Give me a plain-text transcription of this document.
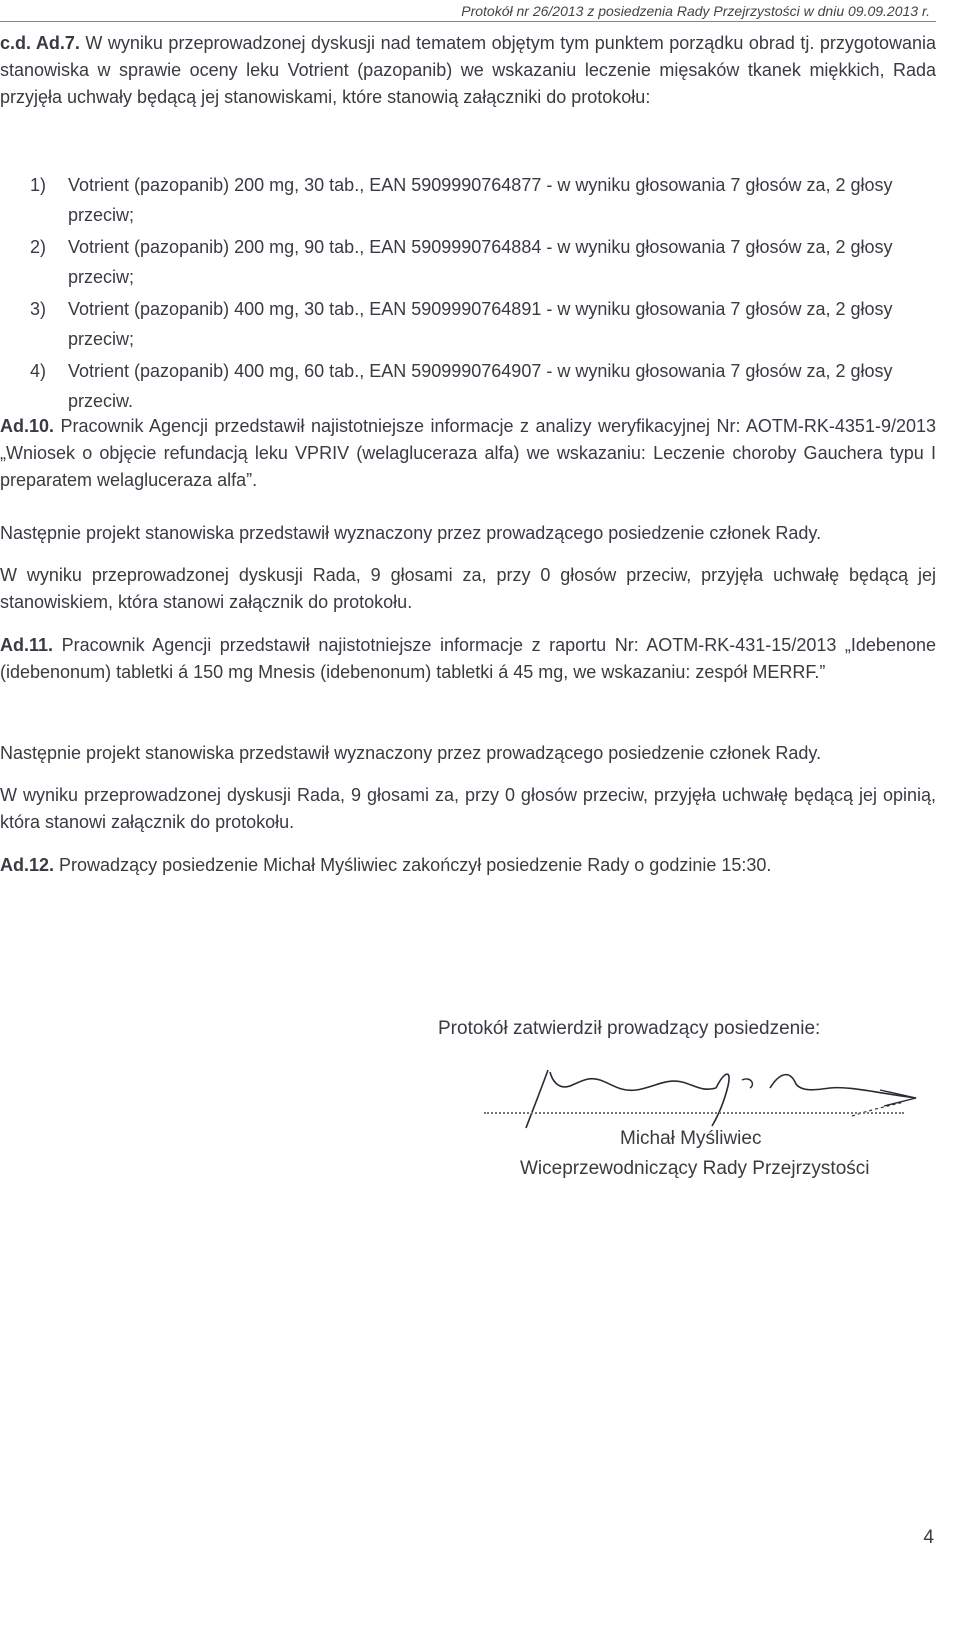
Protokół nr 26/2013 z posiedzenia Rady Przejrzystości w dniu 09.09.2013 r.

c.d. Ad.7. W wyniku przeprowadzonej dyskusji nad tematem objętym tym punktem porządku obrad tj. przygotowania stanowiska w sprawie oceny leku Votrient (pazopanib) we wskazaniu leczenie mięsaków tkanek miękkich, Rada przyjęła uchwały będącą jej stanowiskami, które stanowią załączniki do protokołu:

1) Votrient (pazopanib) 200 mg, 30 tab., EAN 5909990764877 - w wyniku głosowania 7 głosów za, 2 głosy przeciw;
2) Votrient (pazopanib) 200 mg, 90 tab., EAN 5909990764884 - w wyniku głosowania 7 głosów za, 2 głosy przeciw;
3) Votrient (pazopanib) 400 mg, 30 tab., EAN 5909990764891 - w wyniku głosowania 7 głosów za, 2 głosy przeciw;
4) Votrient (pazopanib) 400 mg, 60 tab., EAN 5909990764907 - w wyniku głosowania 7 głosów za, 2 głosy przeciw.

Ad.10. Pracownik Agencji przedstawił najistotniejsze informacje z analizy weryfikacyjnej Nr: AOTM-RK-4351-9/2013 „Wniosek o objęcie refundacją leku VPRIV (welagluceraza alfa) we wskazaniu: Leczenie choroby Gauchera typu I preparatem welagluceraza alfa”.

Następnie projekt stanowiska przedstawił wyznaczony przez prowadzącego posiedzenie członek Rady.

W wyniku przeprowadzonej dyskusji Rada, 9 głosami za, przy 0 głosów przeciw, przyjęła uchwałę będącą jej stanowiskiem, która stanowi załącznik do protokołu.

Ad.11. Pracownik Agencji przedstawił najistotniejsze informacje z raportu Nr: AOTM-RK-431-15/2013 „Idebenone (idebenonum) tabletki á 150 mg Mnesis (idebenonum) tabletki á 45 mg, we wskazaniu: zespół MERRF.”

Następnie projekt stanowiska przedstawił wyznaczony przez prowadzącego posiedzenie członek Rady.

W wyniku przeprowadzonej dyskusji Rada, 9 głosami za, przy 0 głosów przeciw, przyjęła uchwałę będącą jej opinią, która stanowi załącznik do protokołu.

Ad.12. Prowadzący posiedzenie Michał Myśliwiec zakończył posiedzenie Rady o godzinie 15:30.

Protokół zatwierdził prowadzący posiedzenie:
Michał Myśliwiec
Wiceprzewodniczący Rady Przejrzystości
4
